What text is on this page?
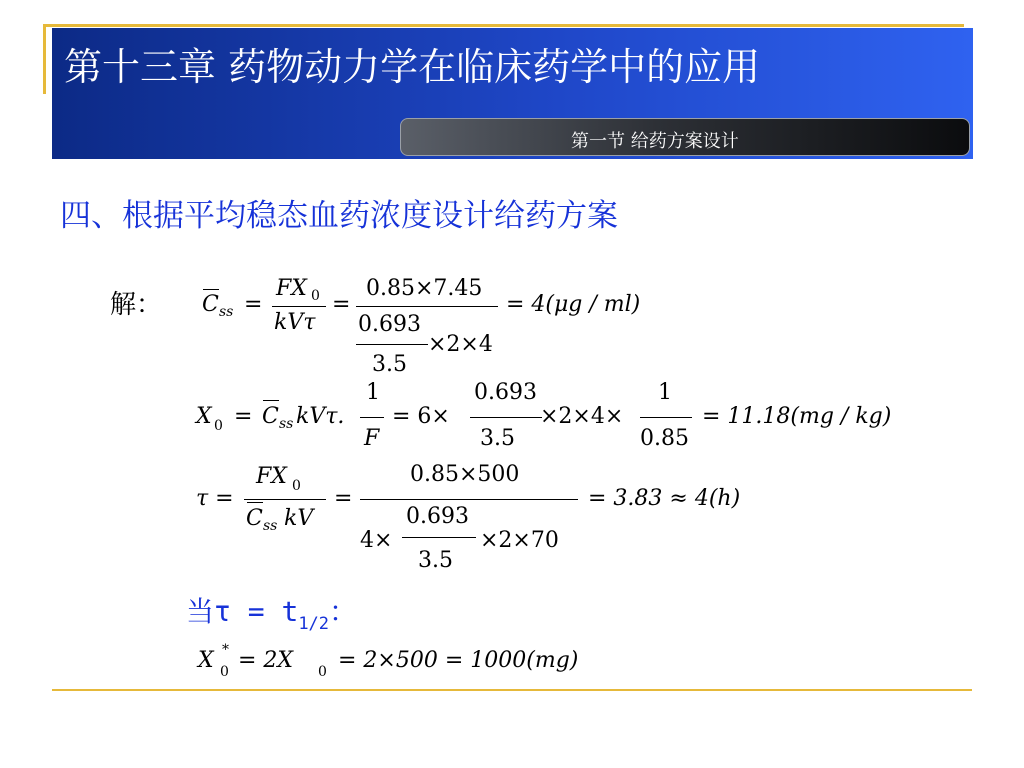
第十三章 药物动力学在临床药学中的应用
第一节 给药方案设计
四、根据平均稳态血药浓度设计给药方案
解： C ss =
FX 0
kVτ
=
0.85×7.45
0.693
3.5
×2×4
= 4(μg / ml)
X 0 = C ss kVτ.
1
F
= 6×
0.693
3.5
×2×4×
1
0.85
= 11.18(mg / kg)
τ =
FX 0
C ss kV
=
0.85×500
4×
0.693
3.5
×2×70
= 3.83 ≈ 4(h)
当$\tau = t_{1/2}$：
X *
0 = 2X 0 = 2×500 = 1000(mg)
